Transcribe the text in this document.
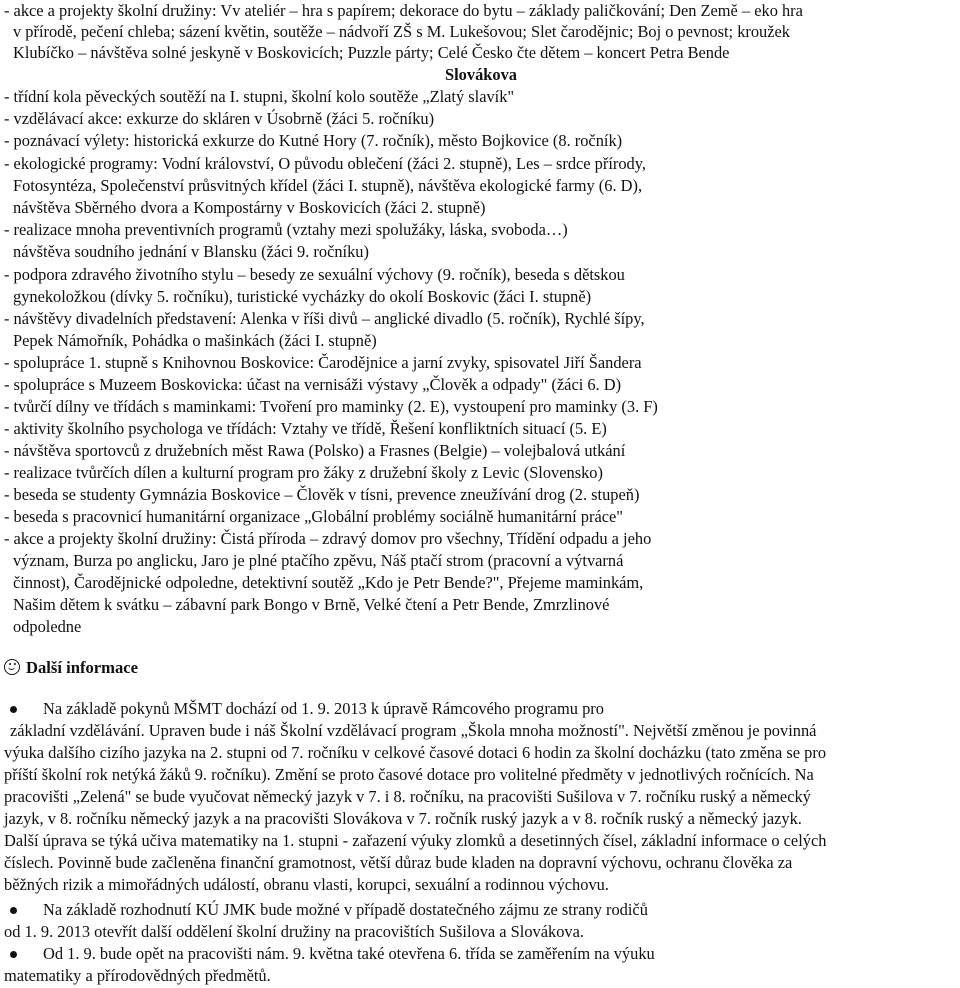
- akce a projekty školní družiny: Vv ateliér – hra s papírem; dekorace do bytu – základy paličkování; Den Země – eko hra
v přírodě, pečení chleba; sázení květin, soutěže – nádvoří ZŠ s M. Lukešovou; Slet čarodějnic; Boj o pevnost; kroužek
Klubíčko – návštěva solné jeskyně v Boskovicích; Puzzle párty; Celé Česko čte dětem – koncert Petra Bende
Slovákova
- třídní kola pěveckých soutěží na I. stupni, školní kolo soutěže „Zlatý slavík"
- vzdělávací akce: exkurze do skláren v Úsobrně (žáci 5. ročníku)
- poznávací výlety: historická exkurze do Kutné Hory (7. ročník), město Bojkovice (8. ročník)
- ekologické programy: Vodní království, O původu oblečení (žáci 2. stupně), Les – srdce přírody,
Fotosyntéza, Společenství průsvitných křídel (žáci I. stupně), návštěva ekologické farmy (6. D),
návštěva Sběrného dvora a Kompostárny v Boskovicích (žáci 2. stupně)
- realizace mnoha preventivních programů (vztahy mezi spolužáky, láska, svoboda…)
návštěva soudního jednání v Blansku (žáci 9. ročníku)
- podpora zdravého životního stylu – besedy ze sexuální výchovy (9. ročník), beseda s dětskou
gynekoložkou (dívky 5. ročníku), turistické vycházky do okolí Boskovic (žáci I. stupně)
- návštěvy divadelních představení: Alenka v říši divů – anglické divadlo (5. ročník), Rychlé šípy,
Pepek Námořník, Pohádka o mašinkách (žáci I. stupně)
- spolupráce 1. stupně s Knihovnou Boskovice: Čarodějnice a jarní zvyky, spisovatel Jiří Šandera
- spolupráce s Muzeem Boskovicka: účast na vernisáži výstavy „Člověk a odpady" (žáci 6. D)
- tvůrčí dílny ve třídách s maminkami: Tvoření pro maminky (2. E), vystoupení pro maminky (3. F)
- aktivity školního psychologa ve třídách: Vztahy ve třídě, Řešení konfliktních situací (5. E)
- návštěva sportovců z družebních měst Rawa (Polsko) a Frasnes (Belgie) – volejbalová utkání
- realizace tvůrčích dílen a kulturní program pro žáky z družební školy z Levic (Slovensko)
- beseda se studenty Gymnázia Boskovice – Člověk v tísni, prevence zneužívání drog (2. stupeň)
- beseda s pracovnicí humanitární organizace „Globální problémy sociálně humanitární práce"
- akce a projekty školní družiny: Čistá příroda – zdravý domov pro všechny, Třídění odpadu a jeho
význam, Burza po anglicku, Jaro je plné ptačího zpěvu, Náš ptačí strom (pracovní a výtvarná
činnost), Čarodějnické odpoledne, detektivní soutěž „Kdo je Petr Bende?", Přejeme maminkám,
Našim dětem k svátku – zábavní park Bongo v Brně, Velké čtení a Petr Bende, Zmrzlinové
odpoledne
Další informace
Na základě pokynů MŠMT dochází od 1. 9. 2013 k úpravě Rámcového programu pro
základní vzdělávání. Upraven bude i náš Školní vzdělávací program „Škola mnoha možností". Největší změnou je povinná
výuka dalšího cizího jazyka na 2. stupni od 7. ročníku v celkové časové dotaci 6 hodin za školní docházku (tato změna se pro
příští školní rok netýká žáků 9. ročníku). Změní se proto časové dotace pro volitelné předměty v jednotlivých ročnících. Na
pracovišti „Zelená" se bude vyučovat německý jazyk v 7. i 8. ročníku, na pracovišti Sušilova v 7. ročníku ruský a německý
jazyk, v 8. ročníku německý jazyk a na pracovišti Slovákova v 7. ročník ruský jazyk a v 8. ročník ruský a německý jazyk.
Další úprava se týká učiva matematiky na 1. stupni - zařazení výuky zlomků a desetinných čísel, základní informace o celých
číslech. Povinně bude začleněna finanční gramotnost, větší důraz bude kladen na dopravní výchovu, ochranu člověka za
běžných rizik a mimořádných událostí, obranu vlasti, korupci, sexuální a rodinnou výchovu.
Na základě rozhodnutí KÚ JMK bude možné v případě dostatečného zájmu ze strany rodičů
od 1. 9. 2013 otevřít další oddělení školní družiny na pracovištích Sušilova a Slovákova.
Od 1. 9. bude opět na pracovišti nám. 9. května také otevřena 6. třída se zaměřením na výuku
matematiky a přírodovědných předmětů.
